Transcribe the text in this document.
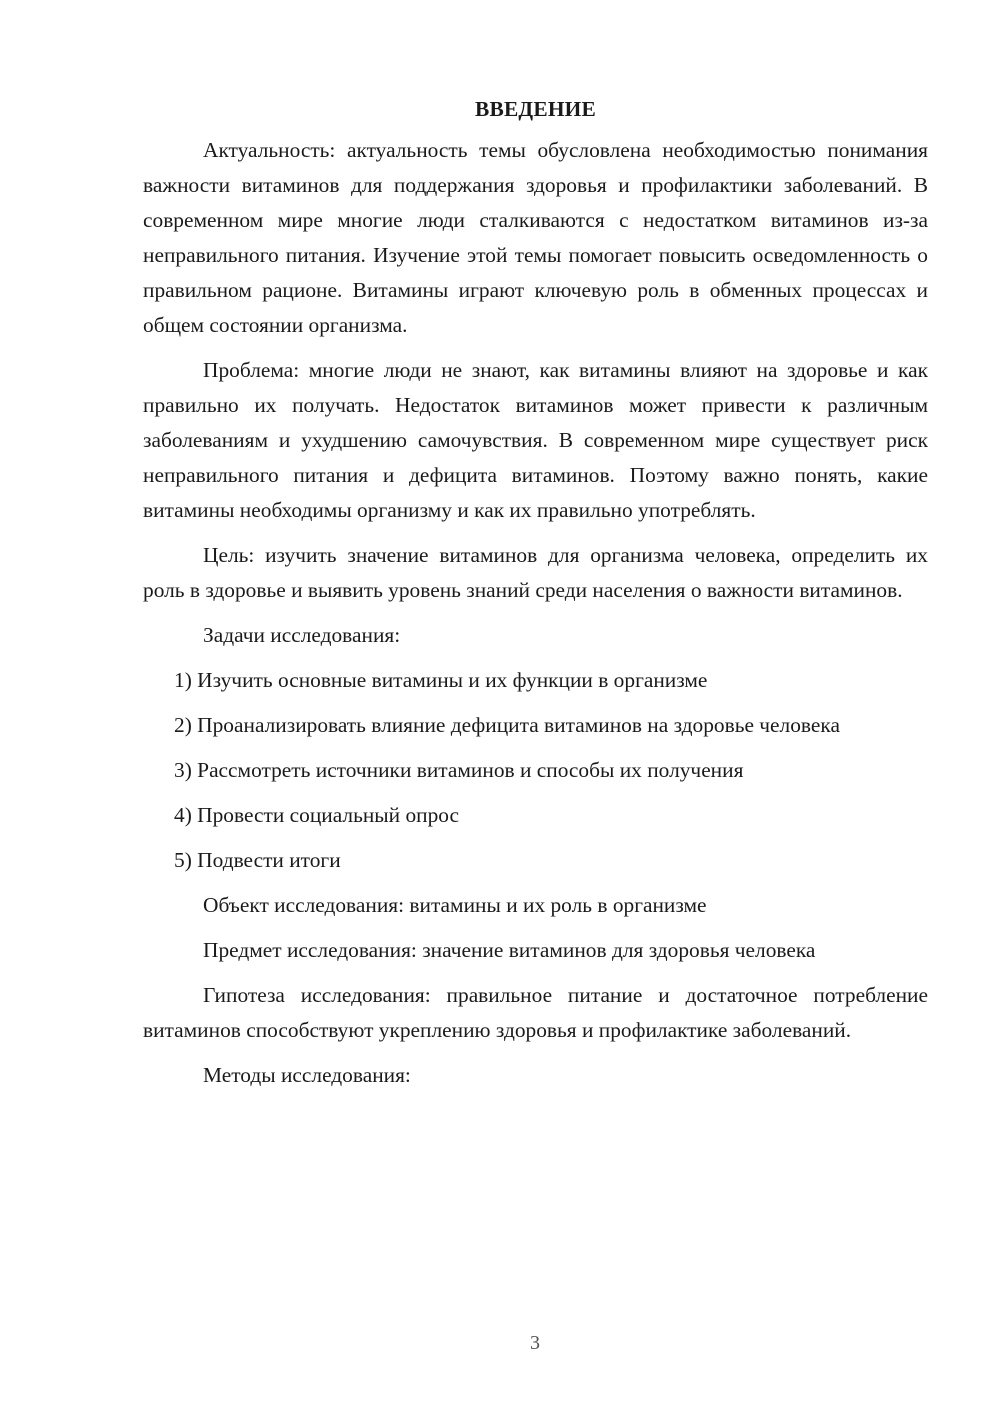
ВВЕДЕНИЕ

Актуальность: актуальность темы обусловлена необходимостью понимания важности витаминов для поддержания здоровья и профилактики заболеваний. В современном мире многие люди сталкиваются с недостатком витаминов из-за неправильного питания. Изучение этой темы помогает повысить осведомленность о правильном рационе. Витамины играют ключевую роль в обменных процессах и общем состоянии организма.

Проблема: многие люди не знают, как витамины влияют на здоровье и как правильно их получать. Недостаток витаминов может привести к различным заболеваниям и ухудшению самочувствия. В современном мире существует риск неправильного питания и дефицита витаминов. Поэтому важно понять, какие витамины необходимы организму и как их правильно употреблять.

Цель: изучить значение витаминов для организма человека, определить их роль в здоровье и выявить уровень знаний среди населения о важности витаминов.

Задачи исследования:

1) Изучить основные витамины и их функции в организме

2) Проанализировать влияние дефицита витаминов на здоровье человека

3) Рассмотреть источники витаминов и способы их получения

4) Провести социальный опрос

5) Подвести итоги

Объект исследования: витамины и их роль в организме

Предмет исследования: значение витаминов для здоровья человека

Гипотеза исследования: правильное питание и достаточное потребление витаминов способствуют укреплению здоровья и профилактике заболеваний.

Методы исследования:

3
